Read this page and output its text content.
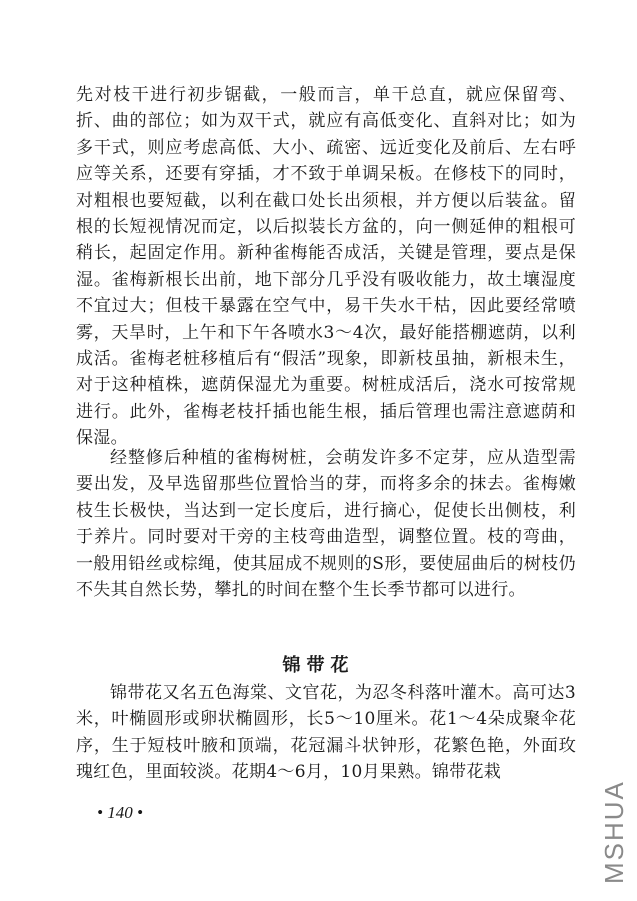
先对枝干进行初步锯截，一般而言，单干总直，就应保留弯、折、曲的部位；如为双干式，就应有高低变化、直斜对比；如为多干式，则应考虑高低、大小、疏密、远近变化及前后、左右呼应等关系，还要有穿插，才不致于单调呆板。在修枝下的同时，对粗根也要短截，以利在截口处长出须根，并方便以后装盆。留根的长短视情况而定，以后拟装长方盆的，向一侧延伸的粗根可稍长，起固定作用。新种雀梅能否成活，关键是管理，要点是保湿。雀梅新根长出前，地下部分几乎没有吸收能力，故土壤湿度不宜过大；但枝干暴露在空气中，易干失水干枯，因此要经常喷雾，天旱时，上午和下午各喷水3～4次，最好能搭棚遮荫，以利成活。雀梅老桩移植后有“假活”现象，即新枝虽抽，新根未生，对于这种植株，遮荫保湿尤为重要。树桩成活后，浇水可按常规进行。此外，雀梅老枝扦插也能生根，插后管理也需注意遮荫和保湿。
经整修后种植的雀梅树桩，会萌发许多不定芽，应从造型需要出发，及早选留那些位置恰当的芽，而将多余的抹去。雀梅嫩枝生长极快，当达到一定长度后，进行摘心，促使长出侧枝，利于养片。同时要对干旁的主枝弯曲造型，调整位置。枝的弯曲，一般用铅丝或棕绳，使其屈成不规则的S形，要使屈曲后的树枝仍不失其自然长势，攀扎的时间在整个生长季节都可以进行。
锦带花
锦带花又名五色海棠、文官花，为忍冬科落叶灌木。高可达3米，叶椭圆形或卵状椭圆形，长5～10厘米。花1～4朵成聚伞花序，生于短枝叶腋和顶端，花冠漏斗状钟形，花繁色艳，外面玫瑰红色，里面较淡。花期4～6月，10月果熟。锦带花栽
• 140 •	MSHUA
